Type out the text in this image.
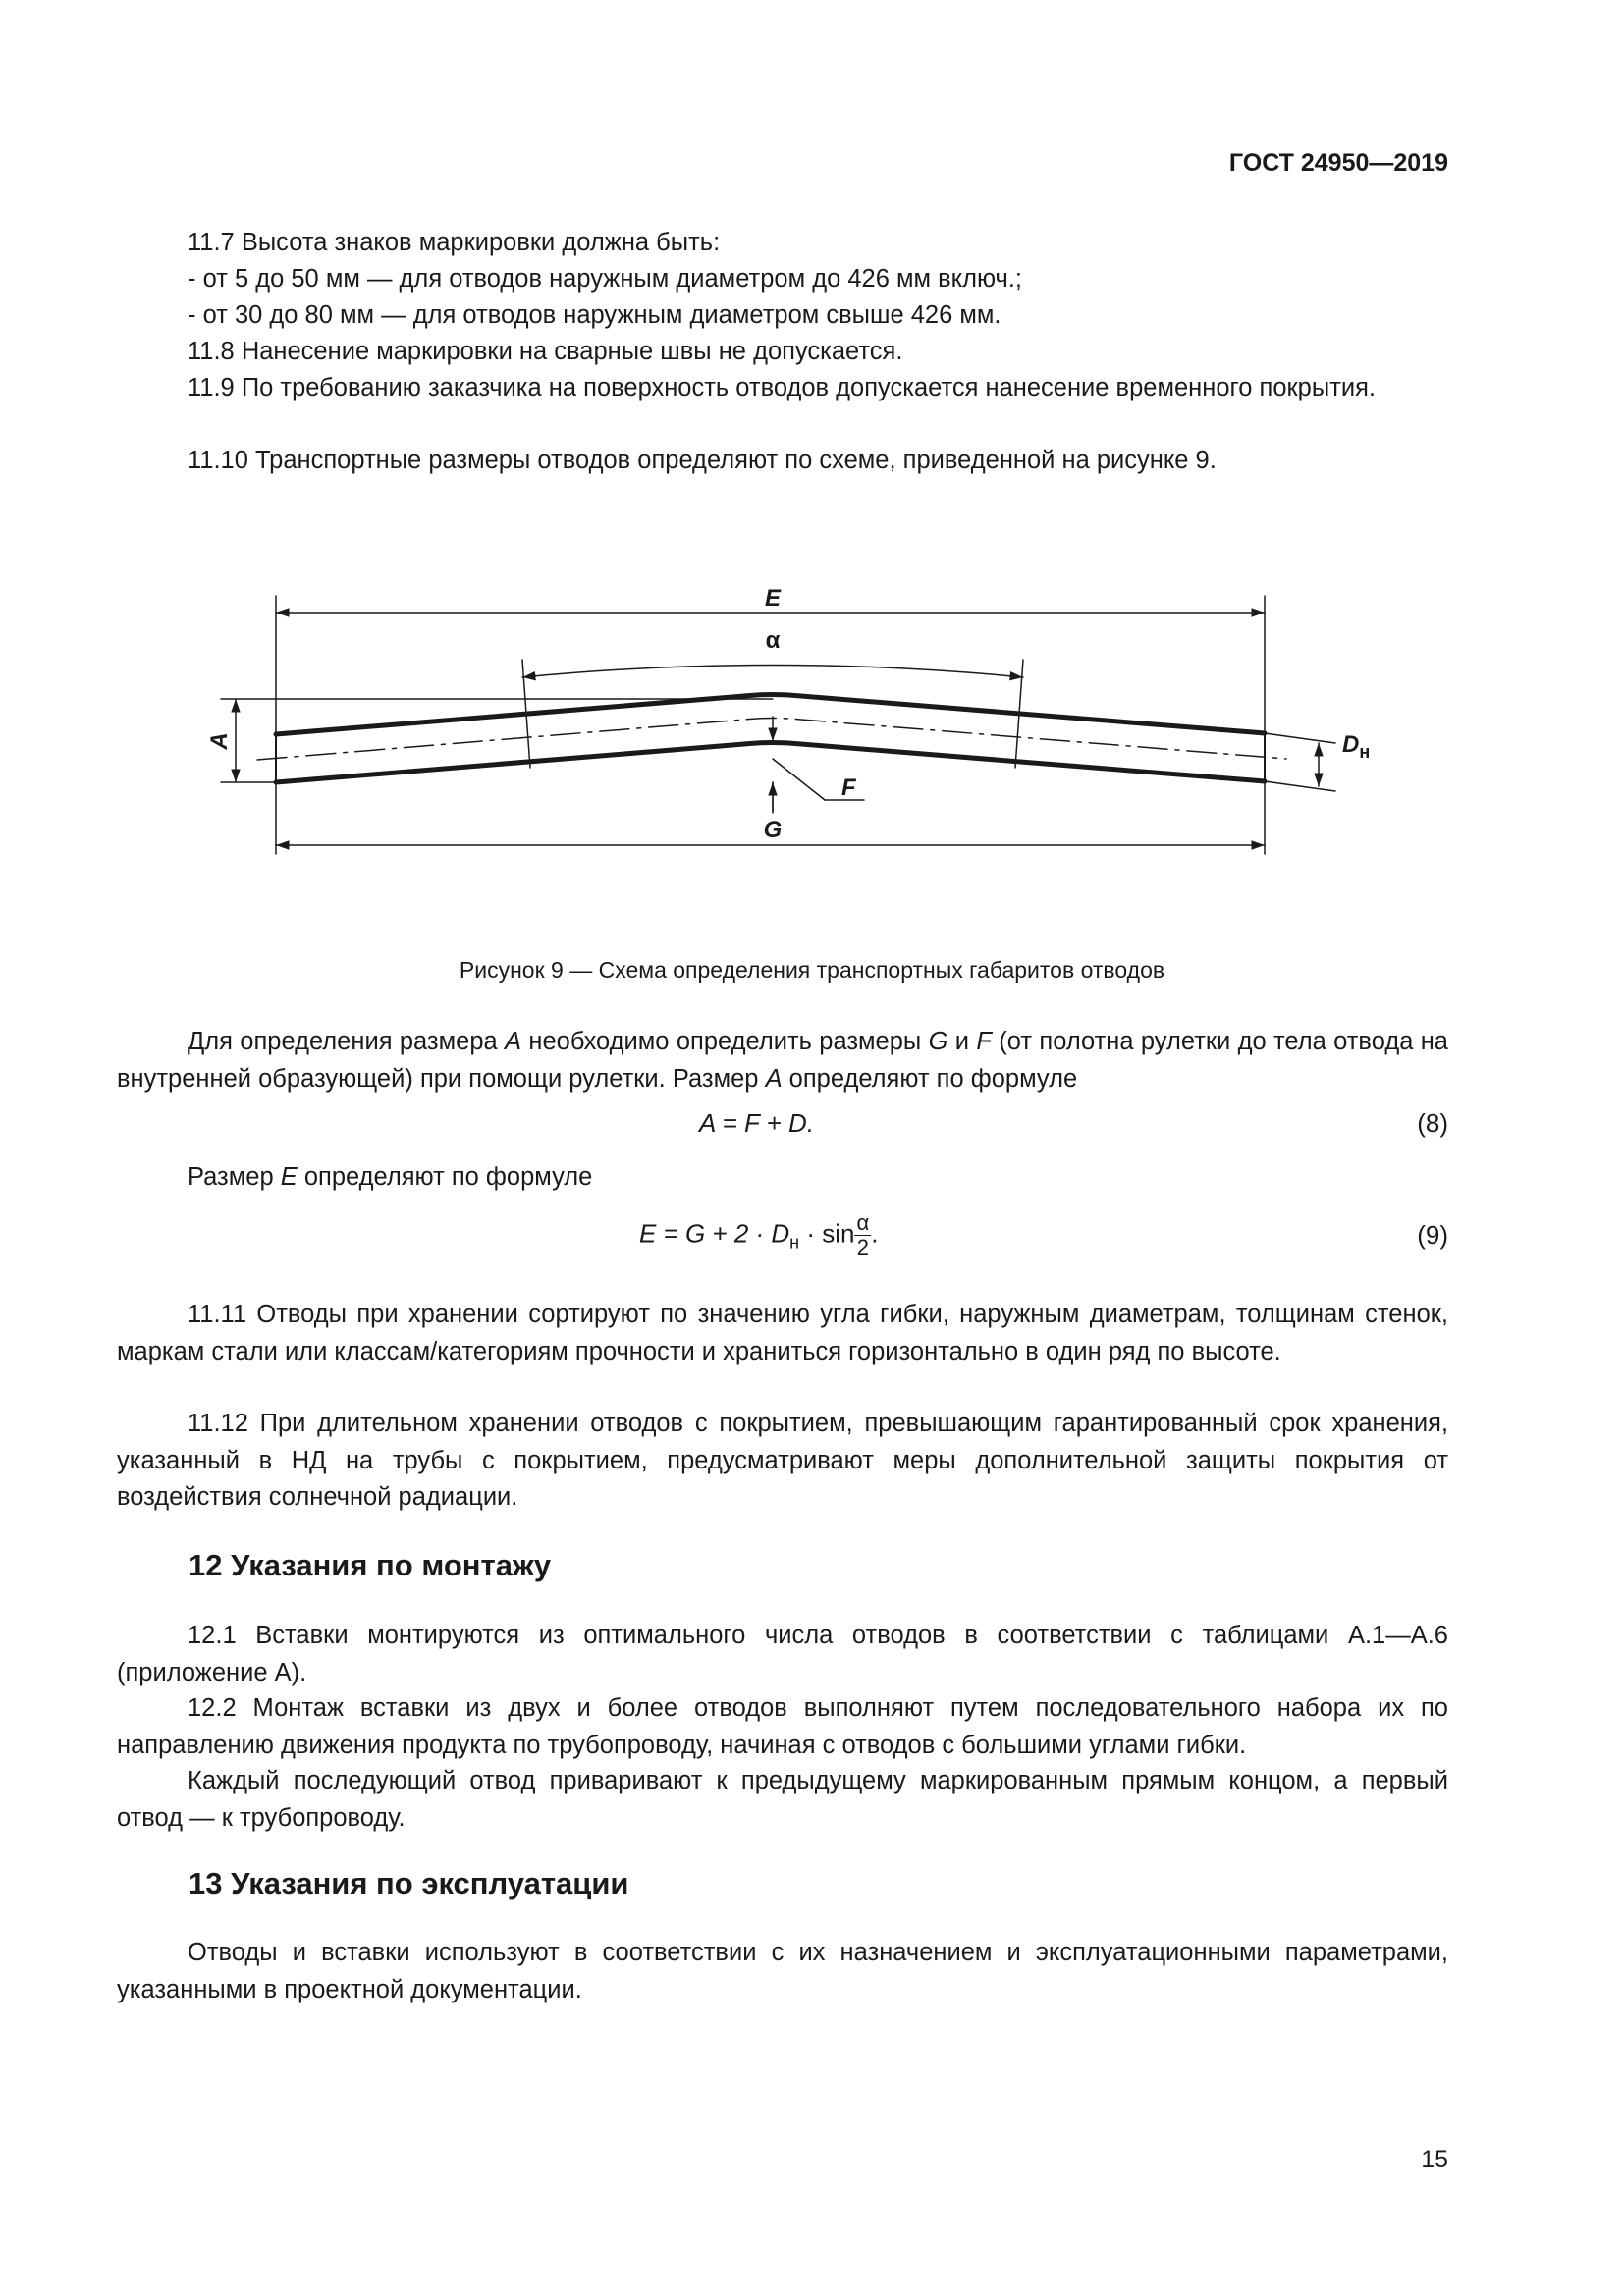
ГОСТ 24950—2019

11.7 Высота знаков маркировки должна быть:

- от 5 до 50 мм — для отводов наружным диаметром до 426 мм включ.;

- от 30 до 80 мм — для отводов наружным диаметром свыше 426 мм.

11.8 Нанесение маркировки на сварные швы не допускается.

11.9 По требованию заказчика на поверхность отводов допускается нанесение временного покрытия.

11.10 Транспортные размеры отводов определяют по схеме, приведенной на рисунке 9.

E
α
A	$D_н$
F
G
Рисунок 9 — Схема определения транспортных габаритов отводов

Для определения размера A необходимо определить размеры G и F (от полотна рулетки до тела отвода на внутренней образующей) при помощи рулетки. Размер A определяют по формуле

A = F + D.	(8)

Размер E определяют по формуле

$E = G + 2 \cdot D_н \cdot \sin \frac{\alpha}{2}$ .	(9)

11.11 Отводы при хранении сортируют по значению угла гибки, наружным диаметрам, толщинам стенок, маркам стали или классам/категориям прочности и храниться горизонтально в один ряд по высоте.

11.12 При длительном хранении отводов с покрытием, превышающим гарантированный срок хранения, указанный в НД на трубы с покрытием, предусматривают меры дополнительной защиты покрытия от воздействия солнечной радиации.

12 Указания по монтажу

12.1 Вставки монтируются из оптимального числа отводов в соответствии с таблицами А.1—А.6 (приложение А).

12.2 Монтаж вставки из двух и более отводов выполняют путем последовательного набора их по направлению движения продукта по трубопроводу, начиная с отводов с большими углами гибки.

Каждый последующий отвод приваривают к предыдущему маркированным прямым концом, а первый отвод — к трубопроводу.

13 Указания по эксплуатации

Отводы и вставки используют в соответствии с их назначением и эксплуатационными параметрами, указанными в проектной документации.

15
